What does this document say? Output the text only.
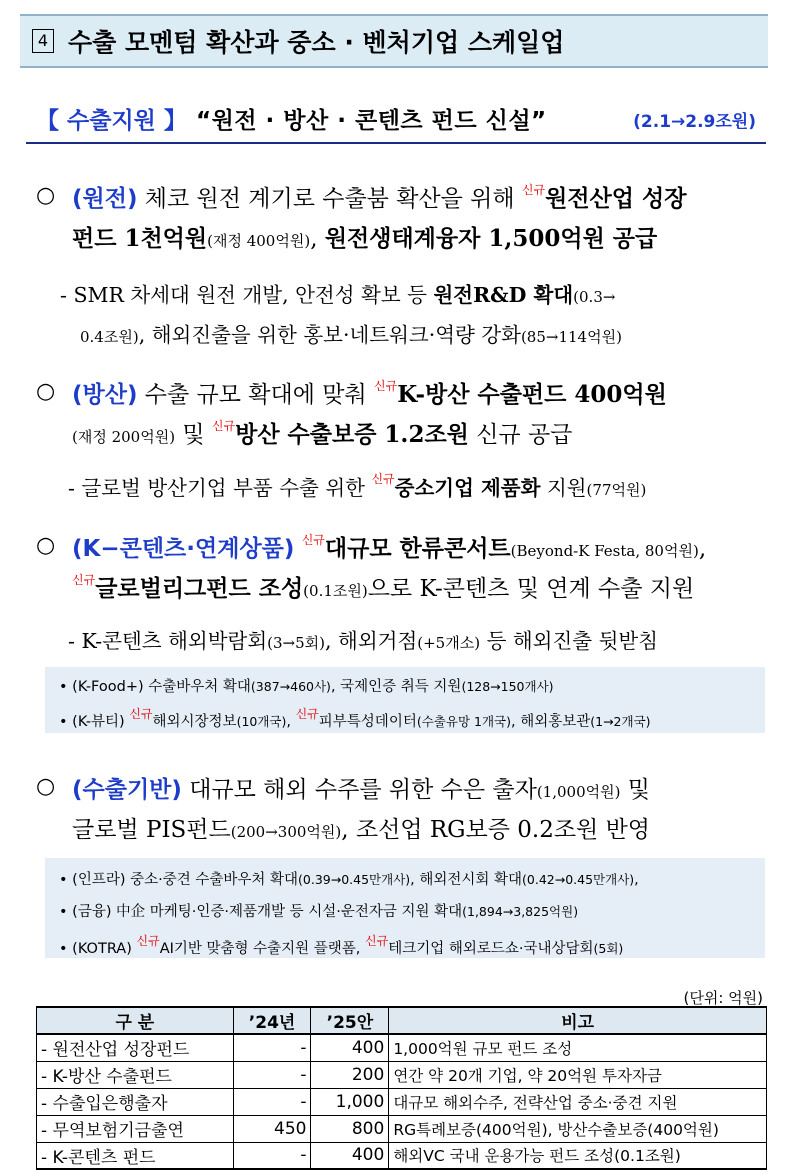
4 수출 모멘텀 확산과 중소 · 벤처기업 스케일업
【 수출지원 】 “원전 · 방산 · 콘텐츠 펀드 신설”	(2.1→2.9조원)
○ (원전) 체코 원전 계기로 수출붐 확산을 위해 $^{신규}$원전산업 성장
펀드 1천억원(재정 400억원), 원전생태계융자 1,500억원 공급
- SMR 차세대 원전 개발, 안전성 확보 등 원전R&D 확대(0.3→
0.4조원), 해외진출을 위한 홍보·네트워크·역량 강화(85→114억원)
○ (방산) 수출 규모 확대에 맞춰 $^{신규}$K-방산 수출펀드 400억원
(재정 200억원) 및 $^{신규}$방산 수출보증 1.2조원 신규 공급
- 글로벌 방산기업 부품 수출 위한 $^{신규}$중소기업 제품화 지원(77억원)
○ (K−콘텐츠·연계상품) $^{신규}$대규모 한류콘서트(Beyond-K Festa, 80억원),
$^{신규}$글로벌리그펀드 조성(0.1조원)으로 K-콘텐츠 및 연계 수출 지원
- K-콘텐츠 해외박람회(3→5회), 해외거점(+5개소) 등 해외진출 뒷받침
• (K-Food+) 수출바우처 확대(387→460사), 국제인증 취득 지원(128→150개사)
• (K-뷰티) $^{신규}$해외시장정보(10개국), $^{신규}$피부특성데이터(수출유망 1개국), 해외홍보관(1→2개국)
○ (수출기반) 대규모 해외 수주를 위한 수은 출자(1,000억원) 및
글로벌 PIS펀드(200→300억원), 조선업 RG보증 0.2조원 반영
• (인프라) 중소·중견 수출바우처 확대(0.39→0.45만개사), 해외전시회 확대(0.42→0.45만개사),
• (금융) 中企 마케팅·인증·제품개발 등 시설·운전자금 지원 확대(1,894→3,825억원)
• (KOTRA) $^{신규}$AI기반 맞춤형 수출지원 플랫폼, $^{신규}$테크기업 해외로드쇼·국내상담회(5회)
(단위: 억원)
구 분	’24년	’25안	비고
- 원전산업 성장펀드	-	400	1,000억원 규모 펀드 조성
- K-방산 수출펀드	-	200	연간 약 20개 기업, 약 20억원 투자자금
- 수출입은행출자	-	1,000	대규모 해외수주, 전략산업 중소·중견 지원
- 무역보험기금출연	450	800	RG특례보증(400억원), 방산수출보증(400억원)
- K-콘텐츠 펀드	-	400	해외VC 국내 운용가능 펀드 조성(0.1조원)
